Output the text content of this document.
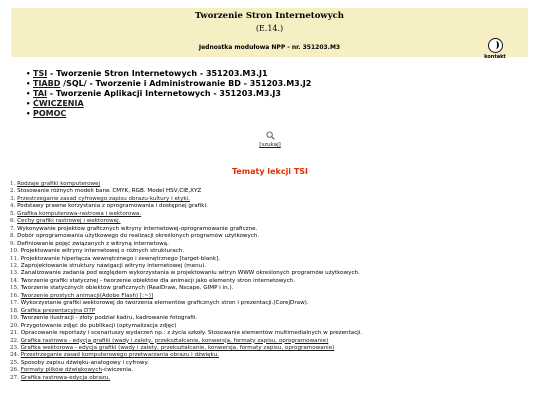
Tworzenie Stron Internetowych
(E.14.)
Jednostka modułowa NPP - nr. 351203.M3
kontakt
• TSI - Tworzenie Stron Internetowych - 351203.M3.J1
• TIABD /SQL/ - Tworzenie i Administrowanie BD - 351203.M3.J2
• TAI - Tworzenie Aplikacji Internetowych - 351203.M3.J3
• ĆWICZENIA
• POMOC
[szukaj]
Tematy lekcji TSI
1. Rodzaje grafiki komputerowej
2. Stosowanie różnych modeli barw. CMYK, RGB. Model HSV,CIE,XYZ
3. Przestrzeganie zasad cyfrowego zapisu obrazu-kultury i etyki.
4. Podstawy prawne korzystania z oprogramowania i dostępnej grafiki.
5. Grafika komputerowa-rastrowa i wektorowa.
6. Cechy grafiki rastrowej i wektorowej.
7. Wykonywanie projektów graficznych witryny internetowej-oprogramowanie graficzne.
8. Dobór oprogramowania użytkowego do realizacji określonych programów użytkowych.
9. Definiowanie pojęć związanych z witryną internetową.
10. Projektowanie witryny internetowej o różnych strukturach.
11. Projektowanie hiperłącza wewnętrznego i zewnętrznego [target-blank].
12. Zaprojektowanie struktury nawigacji witryny internetowej (menu).
13. Zanalizowanie zadania pod względem wykorzystania w projektowaniu witryn WWW określonych programów użytkowych.
14. Tworzenie grafiki statycznej - tworzenie obiektów dla animacji jako elementy stron internetowych.
15. Tworzenie statycznych obiektów graficznych (RealDraw, Nscape, GIMP i in.).
16. Tworzenie prostych animacji(Adobe Flash) [:~)]
17. Wykorzystanie grafiki wektorowej do tworzenia elementów graficznych stron i prezentacji.(CorejDraw).
18. Grafika prezentacyjna DTP
19. Tworzenie ilustracji - złoty podział kadru, kadrowanie fotografii.
20. Przygotowanie zdjęć do publikacji (optymalizacja zdjęć)
21. Opracowanie reportaży i scenariuszy wydarzeń np.: z życia szkoły. Stosowanie elementów multimedialnych w prezentacji.
22. Grafika rastrowa - edycja grafiki (wady i zalety, przekształcanie, konwersja, formaty zapisu, oprogramowanie)
23. Grafika wektorowa - edycja grafiki (wady i zalety, przekształcanie, konwersja, formaty zapisu, oprogramowanie)
24. Przestrzeganie zasad komputerowego przetwarzania obrazu i dźwięku.
25. Sposoby zapisu dźwięku-analogowy i cyfrowy.
26. Formaty plików dźwiękowych-ćwiczenia.
27. Grafika rastrowa-edycja obrazu.
